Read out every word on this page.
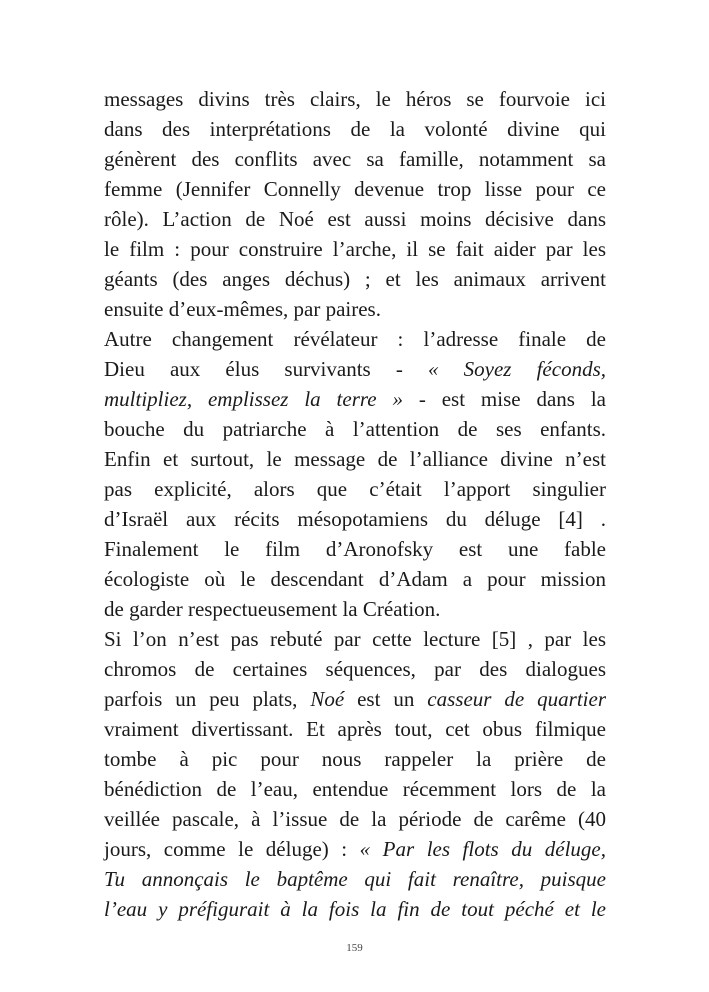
messages divins très clairs, le héros se fourvoie ici
dans des interprétations de la volonté divine qui
génèrent des conflits avec sa famille, notamment sa
femme (Jennifer Connelly devenue trop lisse pour ce
rôle). L’action de Noé est aussi moins décisive dans
le film : pour construire l’arche, il se fait aider par les
géants (des anges déchus) ; et les animaux arrivent
ensuite d’eux-mêmes, par paires.
Autre changement révélateur : l’adresse finale de
Dieu aux élus survivants - « Soyez féconds,
multipliez, emplissez la terre » - est mise dans la
bouche du patriarche à l’attention de ses enfants.
Enfin et surtout, le message de l’alliance divine n’est
pas explicité, alors que c’était l’apport singulier
d’Israël aux récits mésopotamiens du déluge [4] .
Finalement le film d’Aronofsky est une fable
écologiste où le descendant d’Adam a pour mission
de garder respectueusement la Création.
Si l’on n’est pas rebuté par cette lecture [5] , par les
chromos de certaines séquences, par des dialogues
parfois un peu plats, Noé est un casseur de quartier
vraiment divertissant. Et après tout, cet obus filmique
tombe à pic pour nous rappeler la prière de
bénédiction de l’eau, entendue récemment lors de la
veillée pascale, à l’issue de la période de carême (40
jours, comme le déluge) : « Par les flots du déluge,
Tu annonçais le baptême qui fait renaître, puisque
l’eau y préfigurait à la fois la fin de tout péché et le
159
